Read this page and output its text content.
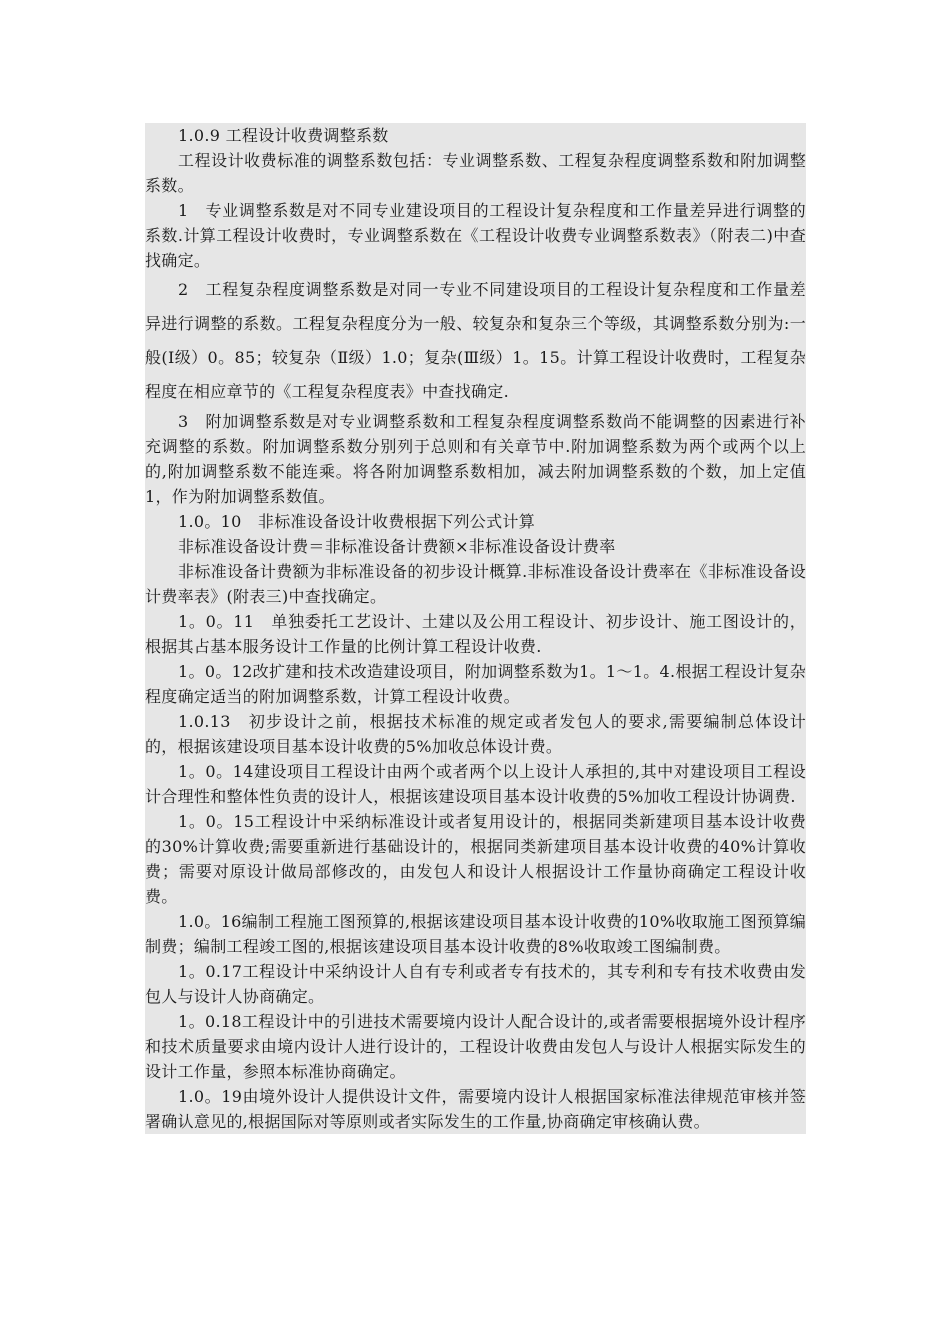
1.0.9 工程设计收费调整系数

工程设计收费标准的调整系数包括：专业调整系数、工程复杂程度调整系数和附加调整系数。

1　专业调整系数是对不同专业建设项目的工程设计复杂程度和工作量差异进行调整的系数.计算工程设计收费时，专业调整系数在《工程设计收费专业调整系数表》（附表二)中查找确定。

2　工程复杂程度调整系数是对同一专业不同建设项目的工程设计复杂程度和工作量差异进行调整的系数。工程复杂程度分为一般、较复杂和复杂三个等级，其调整系数分别为:一般(Ⅰ级）0。85；较复杂（Ⅱ级）1.0；复杂(Ⅲ级）1。15。计算工程设计收费时，工程复杂程度在相应章节的《工程复杂程度表》中查找确定.

3　附加调整系数是对专业调整系数和工程复杂程度调整系数尚不能调整的因素进行补充调整的系数。附加调整系数分别列于总则和有关章节中.附加调整系数为两个或两个以上的,附加调整系数不能连乘。将各附加调整系数相加，减去附加调整系数的个数，加上定值1，作为附加调整系数值。

1.0。10　非标准设备设计收费根据下列公式计算

非标准设备设计费＝非标准设备计费额×非标准设备设计费率

非标准设备计费额为非标准设备的初步设计概算.非标准设备设计费率在《非标准设备设计费率表》(附表三)中查找确定。

1。0。11　单独委托工艺设计、土建以及公用工程设计、初步设计、施工图设计的，根据其占基本服务设计工作量的比例计算工程设计收费.

1。0。12改扩建和技术改造建设项目，附加调整系数为1。1～1。4.根据工程设计复杂程度确定适当的附加调整系数，计算工程设计收费。

1.0.13　初步设计之前，根据技术标准的规定或者发包人的要求,需要编制总体设计的，根据该建设项目基本设计收费的5%加收总体设计费。

1。0。14建设项目工程设计由两个或者两个以上设计人承担的,其中对建设项目工程设计合理性和整体性负责的设计人，根据该建设项目基本设计收费的5%加收工程设计协调费.

1。0。15工程设计中采纳标准设计或者复用设计的，根据同类新建项目基本设计收费的30%计算收费;需要重新进行基础设计的，根据同类新建项目基本设计收费的40%计算收费；需要对原设计做局部修改的，由发包人和设计人根据设计工作量协商确定工程设计收费。

1.0。16编制工程施工图预算的,根据该建设项目基本设计收费的10%收取施工图预算编制费；编制工程竣工图的,根据该建设项目基本设计收费的8%收取竣工图编制费。

1。0.17工程设计中采纳设计人自有专利或者专有技术的，其专利和专有技术收费由发包人与设计人协商确定。

1。0.18工程设计中的引进技术需要境内设计人配合设计的,或者需要根据境外设计程序和技术质量要求由境内设计人进行设计的，工程设计收费由发包人与设计人根据实际发生的设计工作量，参照本标准协商确定。

1.0。19由境外设计人提供设计文件，需要境内设计人根据国家标准法律规范审核并签署确认意见的,根据国际对等原则或者实际发生的工作量,协商确定审核确认费。
